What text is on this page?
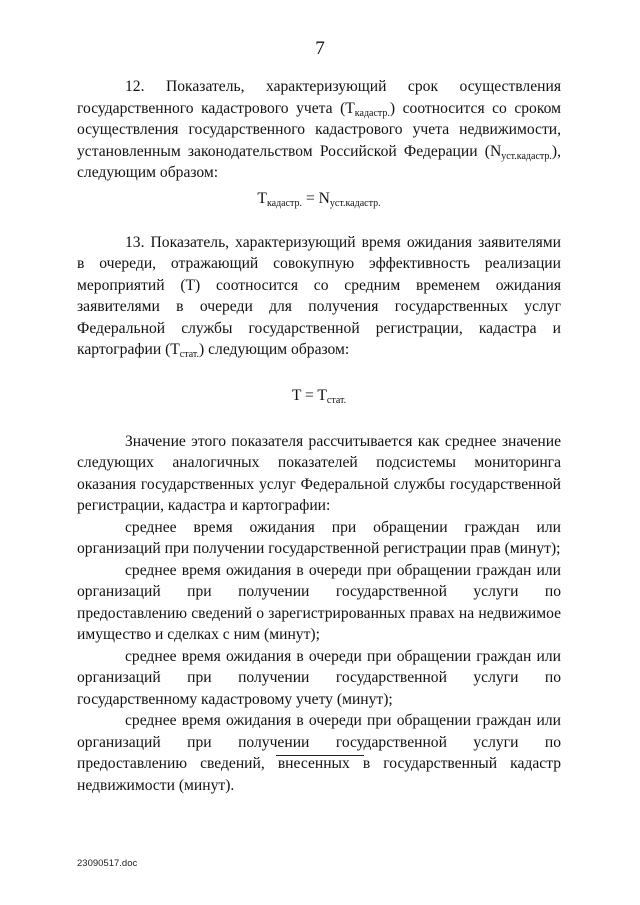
7

12. Показатель, характеризующий срок осуществления государственного кадастрового учета $(T_{кадастр.})$ соотносится со сроком осуществления государственного кадастрового учета недвижимости, установленным законодательством Российской Федерации $(N_{уст.кадастр.})$, следующим образом:

$T_{кадастр.} = N_{уст.кадастр.}$

13. Показатель, характеризующий время ожидания заявителями в очереди, отражающий совокупную эффективность реализации мероприятий (T) соотносится со средним временем ожидания заявителями в очереди для получения государственных услуг Федеральной службы государственной регистрации, кадастра и картографии $(T_{стат.})$ следующим образом:

$T = T_{стат.}$

Значение этого показателя рассчитывается как среднее значение следующих аналогичных показателей подсистемы мониторинга оказания государственных услуг Федеральной службы государственной регистрации, кадастра и картографии:

среднее время ожидания при обращении граждан или организаций при получении государственной регистрации прав (минут);

среднее время ожидания в очереди при обращении граждан или организаций при получении государственной услуги по предоставлению сведений о зарегистрированных правах на недвижимое имущество и сделках с ним (минут);

среднее время ожидания в очереди при обращении граждан или организаций при получении государственной услуги по государственному кадастровому учету (минут);

среднее время ожидания в очереди при обращении граждан или организаций при получении государственной услуги по предоставлению сведений, внесенных в государственный кадастр недвижимости (минут).

23090517.doc
